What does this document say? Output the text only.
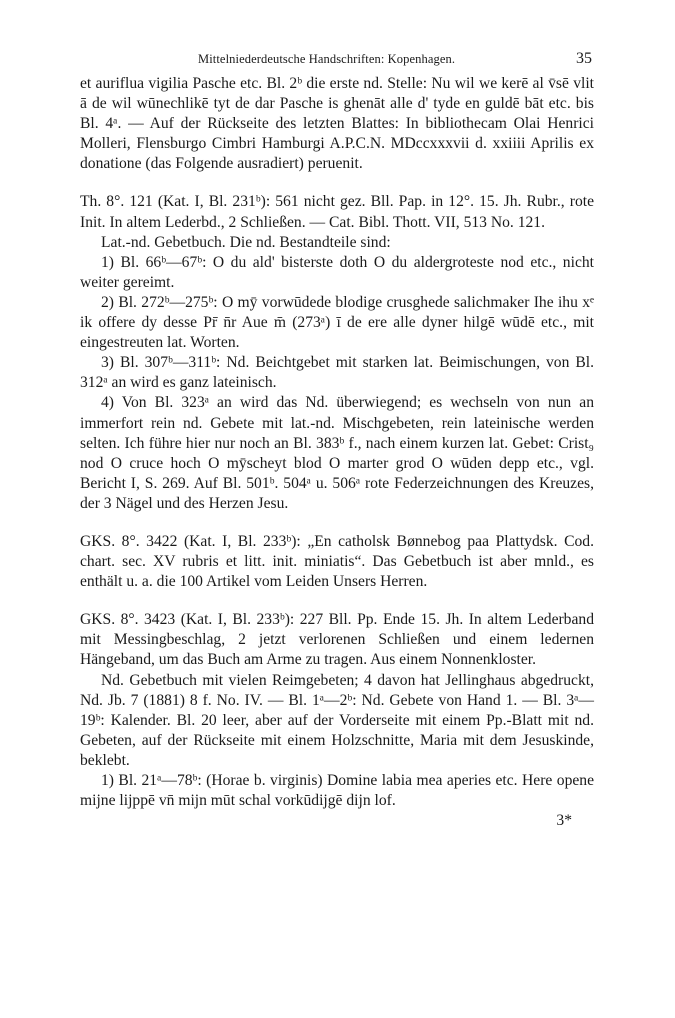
Mittelniederdeutsche Handschriften: Kopenhagen.	35

et auriflua vigilia Pasche etc. Bl. 2ᵇ die erste nd. Stelle: Nu wil we kerē al v̄sē vlit ā de wil wūnechlikē tyt de dar Pasche is ghenāt alle d' tyde en guldē bāt etc. bis Bl. 4ᵃ. — Auf der Rückseite des letzten Blattes: In bibliothecam Olai Henrici Molleri, Flensburgo Cimbri Hamburgi A.P.C.N. MDccxxxvii d. xxiiii Aprilis ex donatione (das Folgende ausradiert) peruenit.

Th. 8°. 121 (Kat. I, Bl. 231ᵇ): 561 nicht gez. Bll. Pap. in 12°. 15. Jh. Rubr., rote Init. In altem Lederbd., 2 Schließen. — Cat. Bibl. Thott. VII, 513 No. 121.

Lat.-nd. Gebetbuch. Die nd. Bestandteile sind:

1) Bl. 66ᵇ—67ᵇ: O du ald' bisterste doth O du aldergroteste nod etc., nicht weiter gereimt.

2) Bl. 272ᵇ—275ᵇ: O mȳ vorwūdede blodige crusghede salichmaker Ihe ihu xᵉ ik offere dy desse Pr̄ n̄r Aue m̄ (273ᵃ) ī de ere alle dyner hilgē wūdē etc., mit eingestreuten lat. Worten.

3) Bl. 307ᵇ—311ᵇ: Nd. Beichtgebet mit starken lat. Beimischungen, von Bl. 312ᵃ an wird es ganz lateinisch.

4) Von Bl. 323ᵃ an wird das Nd. überwiegend; es wechseln von nun an immerfort rein nd. Gebete mit lat.-nd. Mischgebeten, rein lateinische werden selten. Ich führe hier nur noch an Bl. 383ᵇ f., nach einem kurzen lat. Gebet: Crist₉ nod O cruce hoch O mȳscheyt blod O marter grod O wūden depp etc., vgl. Bericht I, S. 269. Auf Bl. 501ᵇ. 504ᵃ u. 506ᵃ rote Federzeichnungen des Kreuzes, der 3 Nägel und des Herzen Jesu.

GKS. 8°. 3422 (Kat. I, Bl. 233ᵇ): „En catholsk Bønnebog paa Plattydsk. Cod. chart. sec. XV rubris et litt. init. miniatis“. Das Gebetbuch ist aber mnld., es enthält u. a. die 100 Artikel vom Leiden Unsers Herren.

GKS. 8°. 3423 (Kat. I, Bl. 233ᵇ): 227 Bll. Pp. Ende 15. Jh. In altem Lederband mit Messingbeschlag, 2 jetzt verlorenen Schließen und einem ledernen Hängeband, um das Buch am Arme zu tragen. Aus einem Nonnenkloster.

Nd. Gebetbuch mit vielen Reimgebeten; 4 davon hat Jellinghaus abgedruckt, Nd. Jb. 7 (1881) 8 f. No. IV. — Bl. 1ᵃ—2ᵇ: Nd. Gebete von Hand 1. — Bl. 3ᵃ—19ᵇ: Kalender. Bl. 20 leer, aber auf der Vorderseite mit einem Pp.-Blatt mit nd. Gebeten, auf der Rückseite mit einem Holzschnitte, Maria mit dem Jesuskinde, beklebt.

1) Bl. 21ᵃ—78ᵇ: (Horae b. virginis) Domine labia mea aperies etc. Here opene mijne lijppē vn̄ mijn mūt schal vorkūdijgē dijn lof.

3*
